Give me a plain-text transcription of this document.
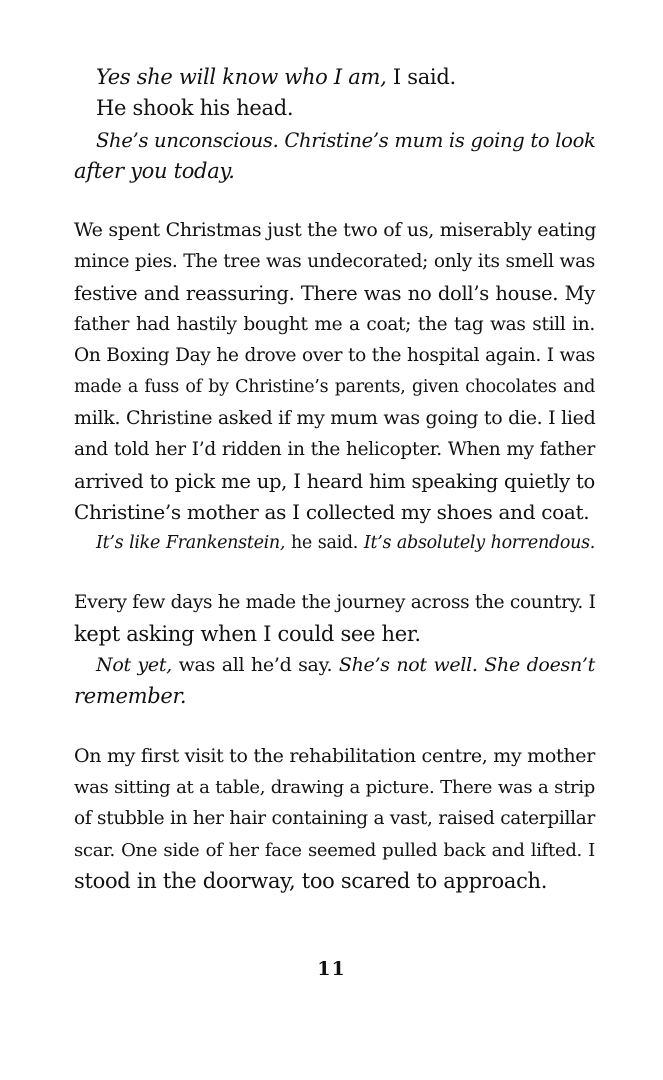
Yes she will know who I am, I said.
He shook his head.
She’s unconscious. Christine’s mum is going to look
after you today.
We spent Christmas just the two of us, miserably eating
mince pies. The tree was undecorated; only its smell was
festive and reassuring. There was no doll’s house. My
father had hastily bought me a coat; the tag was still in.
On Boxing Day he drove over to the hospital again. I was
made a fuss of by Christine’s parents, given chocolates and
milk. Christine asked if my mum was going to die. I lied
and told her I’d ridden in the helicopter. When my father
arrived to pick me up, I heard him speaking quietly to
Christine’s mother as I collected my shoes and coat.
It’s like Frankenstein, he said. It’s absolutely horrendous.
Every few days he made the journey across the country. I
kept asking when I could see her.
Not yet, was all he’d say. She’s not well. She doesn’t
remember.
On my first visit to the rehabilitation centre, my mother
was sitting at a table, drawing a picture. There was a strip
of stubble in her hair containing a vast, raised caterpillar
scar. One side of her face seemed pulled back and lifted. I
stood in the doorway, too scared to approach.
11
